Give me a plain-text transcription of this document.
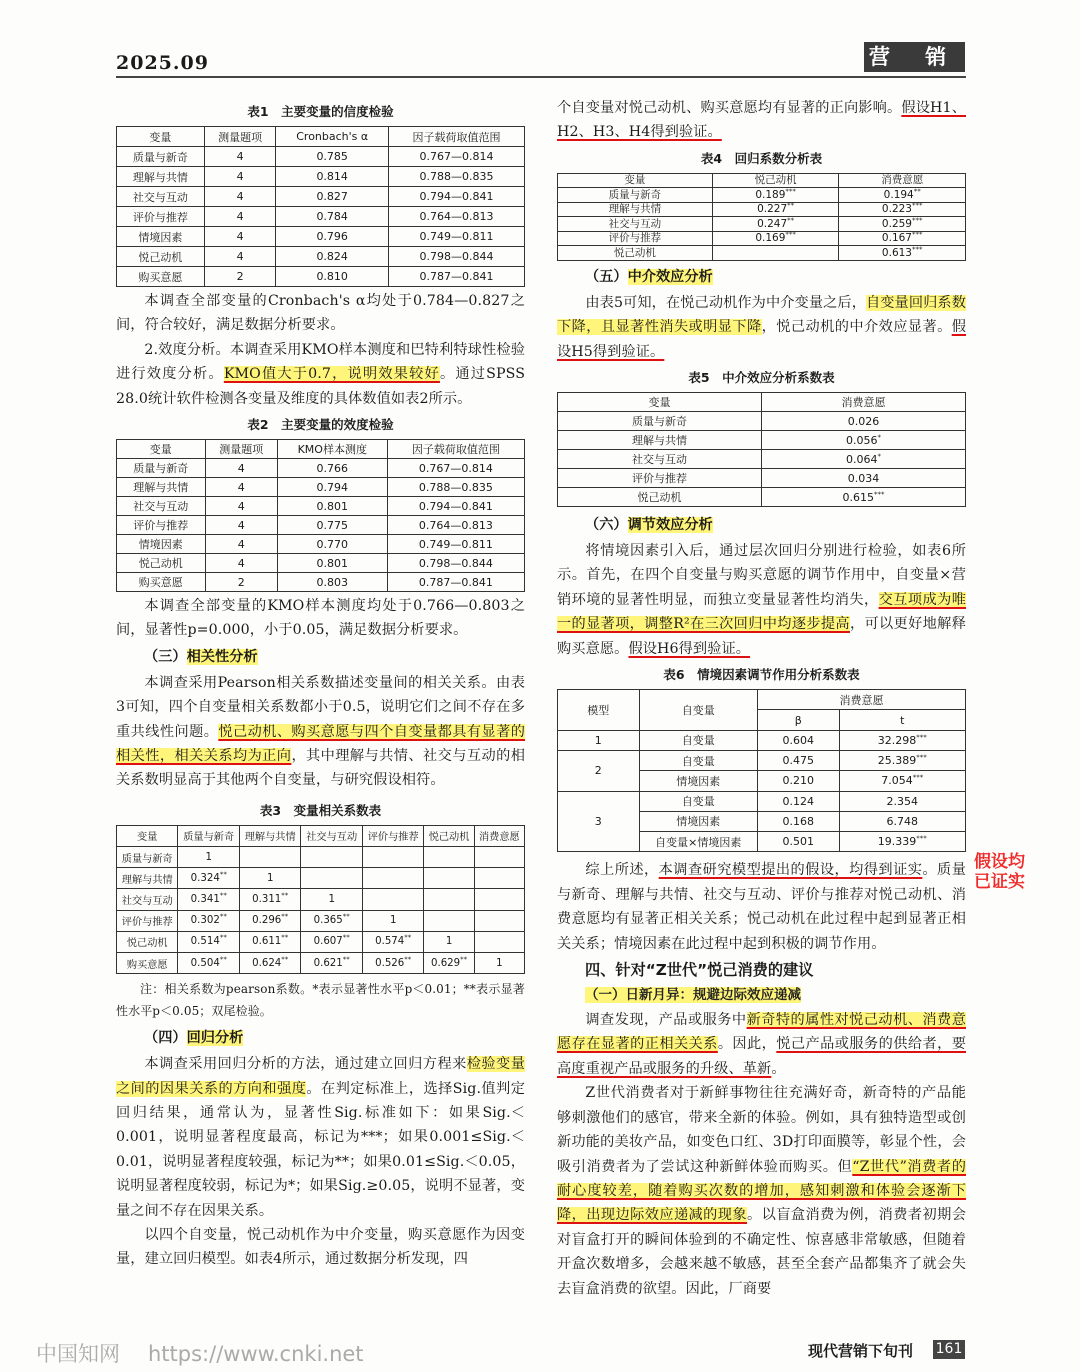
2025.09	营 销
表1　主要变量的信度检验
变量	测量题项	Cronbach's α	因子载荷取值范围
质量与新奇	4	0.785	0.767—0.814
理解与共情	4	0.814	0.788—0.835
社交与互动	4	0.827	0.794—0.841
评价与推荐	4	0.784	0.764—0.813
情境因素	4	0.796	0.749—0.811
悦己动机	4	0.824	0.798—0.844
购买意愿	2	0.810	0.787—0.841

本调查全部变量的Cronbach's α均处于0.784—0.827之间，符合较好，满足数据分析要求。

2.效度分析。本调查采用KMO样本测度和巴特利特球性检验进行效度分析。KMO值大于0.7，说明效果较好。通过SPSS 28.0统计软件检测各变量及维度的具体数值如表2所示。

表2　主要变量的效度检验
变量	测量题项	KMO样本测度	因子载荷取值范围
质量与新奇	4	0.766	0.767—0.814
理解与共情	4	0.794	0.788—0.835
社交与互动	4	0.801	0.794—0.841
评价与推荐	4	0.775	0.764—0.813
情境因素	4	0.770	0.749—0.811
悦己动机	4	0.801	0.798—0.844
购买意愿	2	0.803	0.787—0.841

本调查全部变量的KMO样本测度均处于0.766—0.803之间，显著性p=0.000，小于0.05，满足数据分析要求。

（三）相关性分析

本调查采用Pearson相关系数描述变量间的相关关系。由表3可知，四个自变量相关系数都小于0.5，说明它们之间不存在多重共线性问题。悦己动机、购买意愿与四个自变量都具有显著的相关性，相关关系均为正向，其中理解与共情、社交与互动的相关系数明显高于其他两个自变量，与研究假设相符。

表3　变量相关系数表
变量	质量与新奇	理解与共情	社交与互动	评价与推荐	悦己动机	消费意愿
质量与新奇	1					
理解与共情	0.324**	1				
社交与互动	0.341**	0.311**	1			
评价与推荐	0.302**	0.296**	0.365**	1		
悦己动机	0.514**	0.611**	0.607**	0.574**	1	
购买意愿	0.504**	0.624**	0.621**	0.526**	0.629**	1

注：相关系数为pearson系数。*表示显著性水平p＜0.01；**表示显著性水平p＜0.05；双尾检验。

（四）回归分析

本调查采用回归分析的方法，通过建立回归方程来检验变量之间的因果关系的方向和强度。在判定标准上，选择Sig.值判定回归结果，通常认为，显著性Sig.标准如下：如果Sig.＜0.001，说明显著程度最高，标记为***；如果0.001≤Sig.＜0.01，说明显著程度较强，标记为**；如果0.01≤Sig.＜0.05，说明显著程度较弱，标记为*；如果Sig.≥0.05，说明不显著，变量之间不存在因果关系。

以四个自变量，悦己动机作为中介变量，购买意愿作为因变量，建立回归模型。如表4所示，通过数据分析发现，四

个自变量对悦己动机、购买意愿均有显著的正向影响。假设H1、H2、H3、H4得到验证。

表4　回归系数分析表
变量	悦己动机	消费意愿
质量与新奇	0.189***	0.194**
理解与共情	0.227**	0.223***
社交与互动	0.247**	0.259***
评价与推荐	0.169***	0.167***
悦己动机		0.613***
（五）中介效应分析

由表5可知，在悦己动机作为中介变量之后，自变量回归系数下降，且显著性消失或明显下降，悦己动机的中介效应显著。假设H5得到验证。

表5　中介效应分析系数表
变量	消费意愿
质量与新奇	0.026
理解与共情	0.056*
社交与互动	0.064*
评价与推荐	0.034
悦己动机	0.615***
（六）调节效应分析

将情境因素引入后，通过层次回归分别进行检验，如表6所示。首先，在四个自变量与购买意愿的调节作用中，自变量×营销环境的显著性明显，而独立变量显著性均消失，交互项成为唯一的显著项，调整R²在三次回归中均逐步提高，可以更好地解释购买意愿。假设H6得到验证。

表6　情境因素调节作用分析系数表
模型	自变量	消费意愿	
		β	t
1	自变量	0.604	32.298***
2	自变量	0.475	25.389***
	情境因素	0.210	7.054***
3	自变量	0.124	2.354
	情境因素	0.168	6.748
	自变量×情境因素	0.501	19.339***

综上所述，本调查研究模型提出的假设，均得到证实。质量与新奇、理解与共情、社交与互动、评价与推荐对悦己动机、消费意愿均有显著正相关关系；悦己动机在此过程中起到显著正相关关系；情境因素在此过程中起到积极的调节作用。

四、针对“Z世代”悦己消费的建议
（一）日新月异：规避边际效应递减

调查发现，产品或服务中新奇特的属性对悦己动机、消费意愿存在显著的正相关关系。因此，悦己产品或服务的供给者，要高度重视产品或服务的升级、革新。

Z世代消费者对于新鲜事物往往充满好奇，新奇特的产品能够刺激他们的感官，带来全新的体验。例如，具有独特造型或创新功能的美妆产品，如变色口红、3D打印面膜等，彰显个性，会吸引消费者为了尝试这种新鲜体验而购买。但“Z世代”消费者的耐心度较差，随着购买次数的增加，感知刺激和体验会逐渐下降，出现边际效应递减的现象。以盲盒消费为例，消费者初期会对盲盒打开的瞬间体验到的不确定性、惊喜感非常敏感，但随着开盒次数增多，会越来越不敏感，甚至全套产品都集齐了就会失去盲盒消费的欲望。因此，厂商要

假设均已证实
中国知网 https://www.cnki.net	现代营销下旬刊 161
